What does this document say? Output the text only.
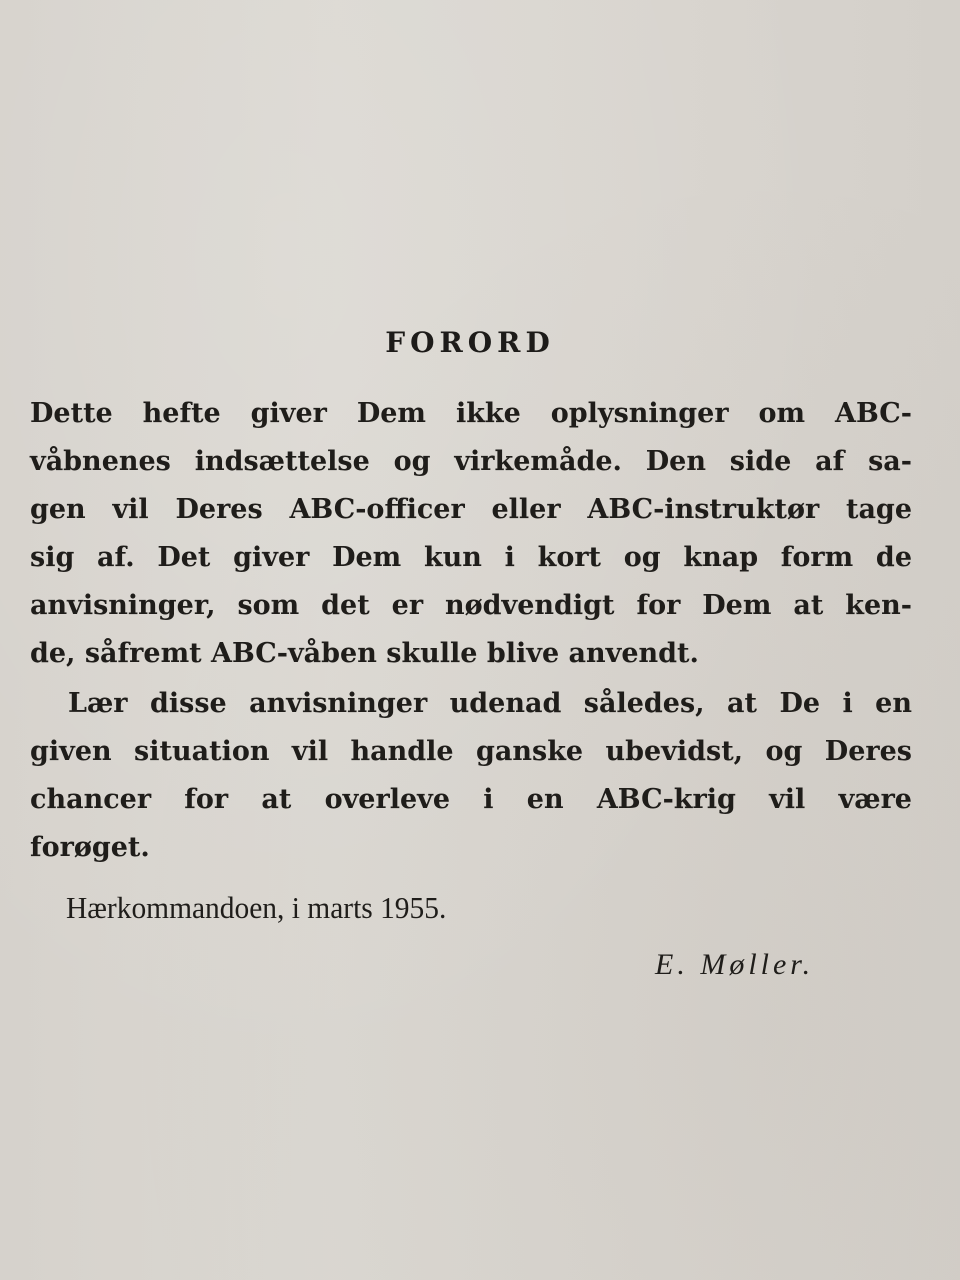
FORORD
Dette hefte giver Dem ikke oplysninger om ABC-
våbnenes indsættelse og virkemåde. Den side af sa-
gen vil Deres ABC-officer eller ABC-instruktør tage
sig af. Det giver Dem kun i kort og knap form de
anvisninger, som det er nødvendigt for Dem at ken-
de, såfremt ABC-våben skulle blive anvendt.
Lær disse anvisninger udenad således, at De i en
given situation vil handle ganske ubevidst, og Deres
chancer for at overleve i en ABC-krig vil være
forøget.
Hærkommandoen, i marts 1955.
E. Møller.
